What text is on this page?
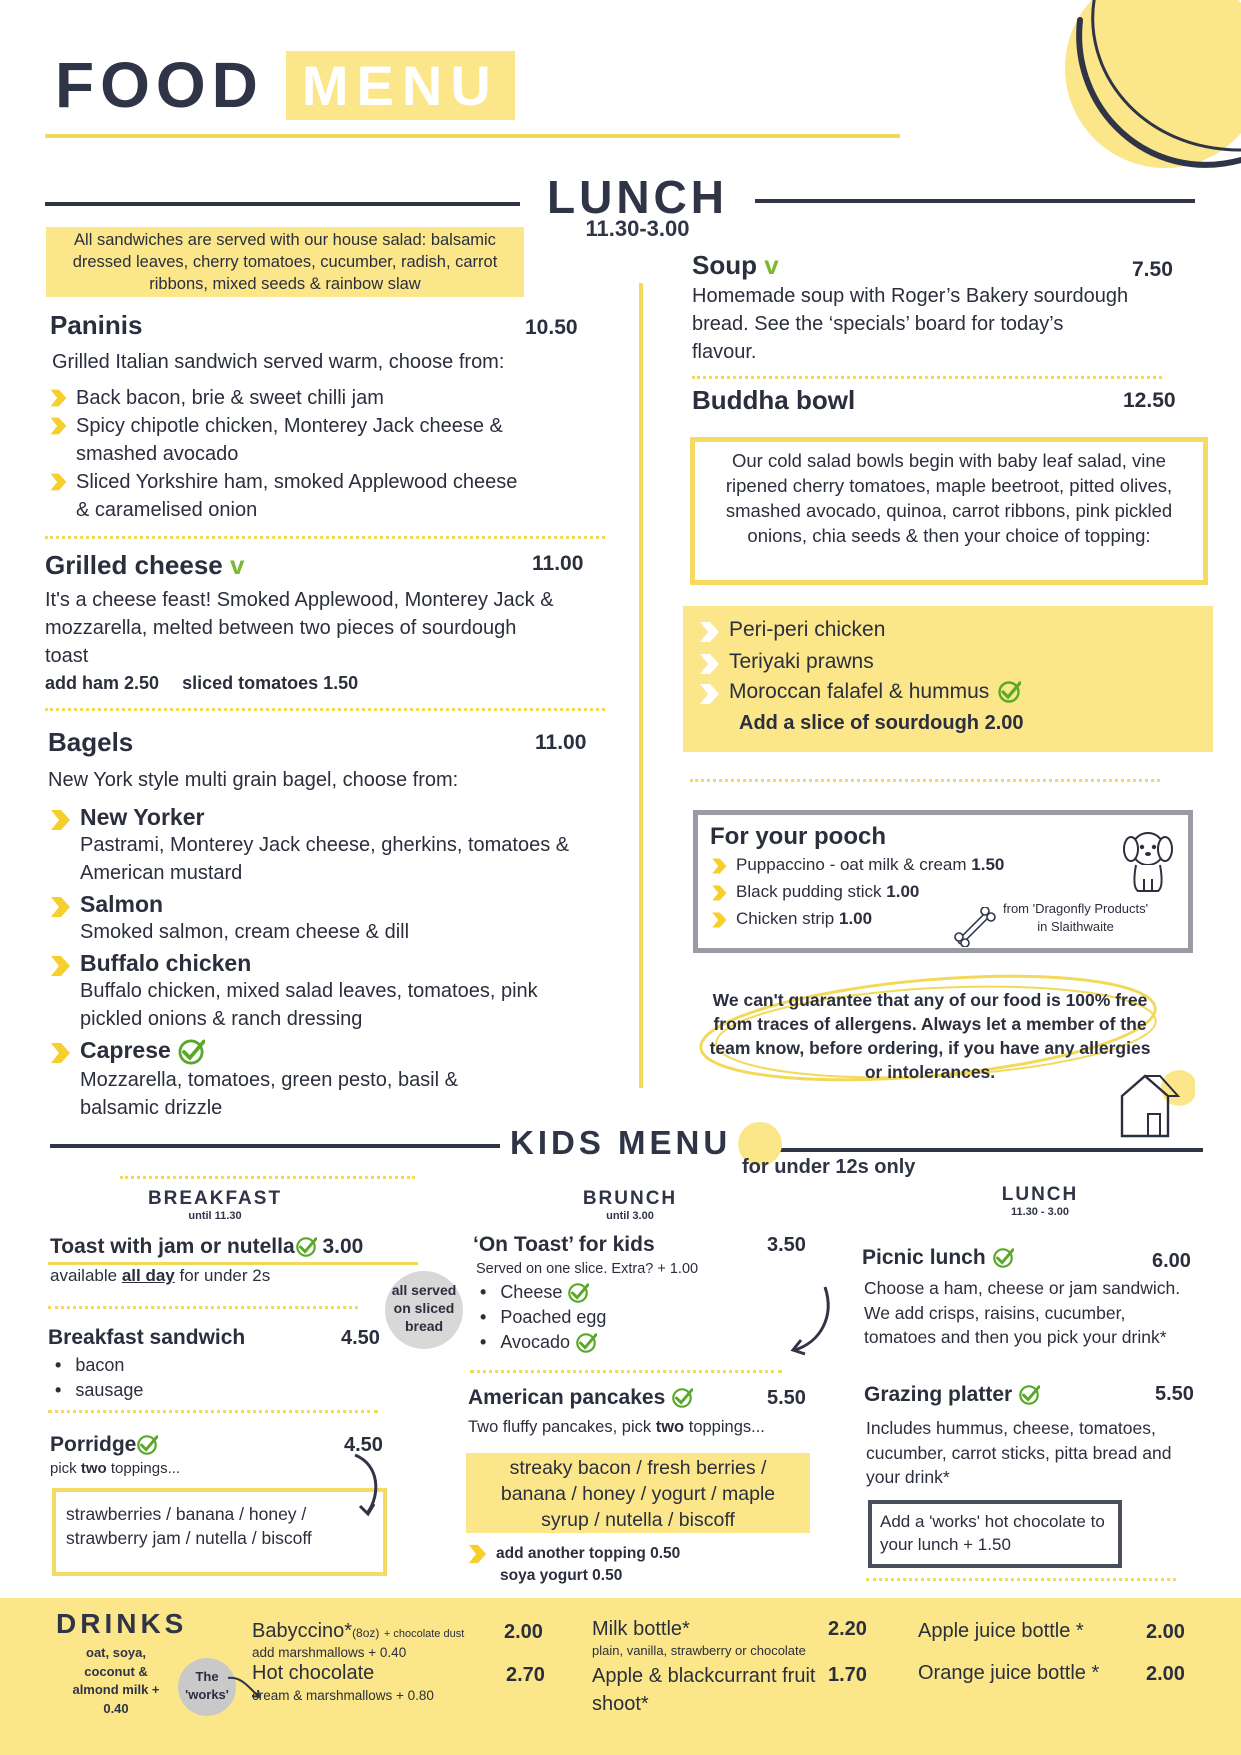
FOOD MENU
LUNCH
11.30-3.00
All sandwiches are served with our house salad: balsamic dressed leaves, cherry tomatoes, cucumber, radish, carrot ribbons, mixed seeds & rainbow slaw
Paninis	10.50
Grilled Italian sandwich served warm, choose from:
Back bacon, brie & sweet chilli jam
Spicy chipotle chicken, Monterey Jack cheese & smashed avocado
Sliced Yorkshire ham, smoked Applewood cheese & caramelised onion
Grilled cheese v	11.00
It's a cheese feast! Smoked Applewood, Monterey Jack & mozzarella, melted between two pieces of sourdough toast
add ham 2.50 sliced tomatoes 1.50
Bagels	11.00
New York style multi grain bagel, choose from:
New Yorker
Pastrami, Monterey Jack cheese, gherkins, tomatoes & American mustard
Salmon
Smoked salmon, cream cheese & dill
Buffalo chicken
Buffalo chicken, mixed salad leaves, tomatoes, pink pickled onions & ranch dressing
Caprese
Mozzarella, tomatoes, green pesto, basil & balsamic drizzle
Soup v	7.50
Homemade soup with Roger’s Bakery sourdough bread. See the ‘specials’ board for today’s flavour.
Buddha bowl	12.50
Our cold salad bowls begin with baby leaf salad, vine ripened cherry tomatoes, maple beetroot, pitted olives, smashed avocado, quinoa, carrot ribbons, pink pickled onions, chia seeds & then your choice of topping:
Peri-peri chicken
Teriyaki prawns
Moroccan falafel & hummus
Add a slice of sourdough 2.00
For your pooch
Puppaccino - oat milk & cream 1.50
Black pudding stick 1.00
Chicken strip 1.00
from 'Dragonfly Products'
in Slaithwaite
We can't guarantee that any of our food is 100% free from traces of allergens. Always let a member of the team know, before ordering, if you have any allergies or intolerances.
KIDS MENU
for under 12s only
BREAKFAST
until 11.30
Toast with jam or nutella 3.00
available all day for under 2s
Breakfast sandwich	4.50
• bacon
• sausage
all served on sliced bread
Porridge	4.50
pick two toppings...
strawberries / banana / honey / strawberry jam / nutella / biscoff
BRUNCH
until 3.00
‘On Toast’ for kids	3.50
Served on one slice. Extra? + 1.00
• Cheese
• Poached egg
• Avocado
American pancakes	5.50
Two fluffy pancakes, pick two toppings...
streaky bacon / fresh berries / banana / honey / yogurt / maple syrup / nutella / biscoff
add another topping 0.50
soya yogurt 0.50
LUNCH
11.30 - 3.00
Picnic lunch	6.00
Choose a ham, cheese or jam sandwich. We add crisps, raisins, cucumber, tomatoes and then you pick your drink*
Grazing platter	5.50
Includes hummus, cheese, tomatoes, cucumber, carrot sticks, pitta bread and your drink*
Add a 'works' hot chocolate to your lunch + 1.50
DRINKS
oat, soya, coconut & almond milk + 0.40
The 'works'
Babyccino*(8oz) + chocolate dust 2.00
add marshmallows + 0.40
Hot chocolate	2.70
cream & marshmallows + 0.80
Milk bottle*	2.20
plain, vanilla, strawberry or chocolate
Apple & blackcurrant fruit shoot*
1.70
Apple juice bottle *	2.00
Orange juice bottle * 2.00
